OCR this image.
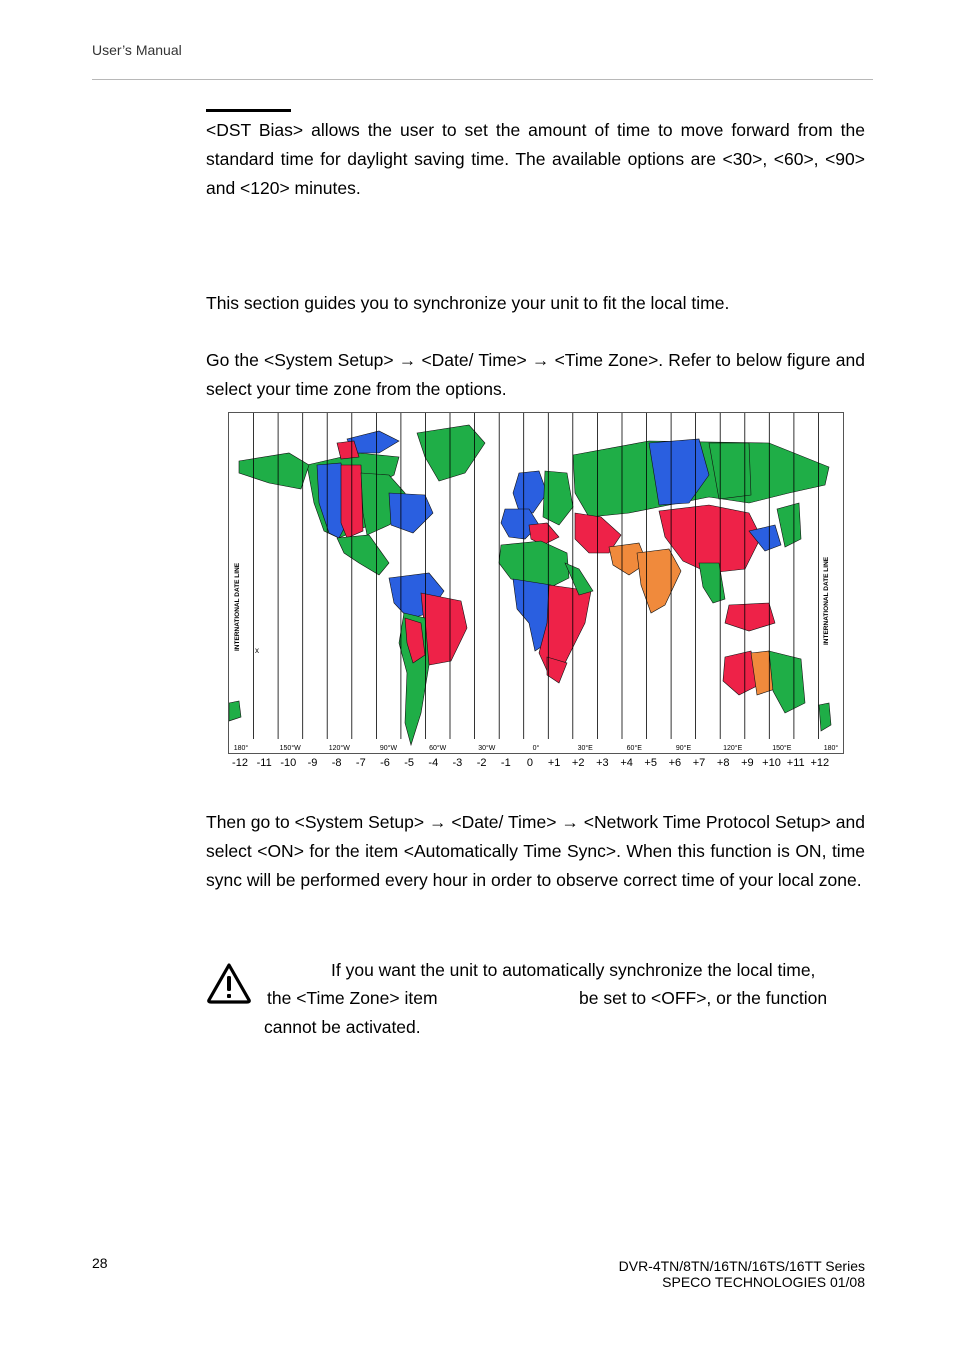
User’s Manual
<DST Bias> allows the user to set the amount of time to move forward from the standard time for daylight saving time. The available options are <30>, <60>, <90> and <120> minutes.
This section guides you to synchronize your unit to fit the local time.
Go the <System Setup> → <Date/ Time> → <Time Zone>. Refer to below figure and select your time zone from the options.
180°	150°W	120°W	90°W	60°W	30°W	0°	30°E	60°E	90°E	120°E	150°E	180°
INTERNATIONAL DATE LINE	INTERNATIONAL DATE LINE
x
-12 -11 -10 -9 -8 -7 -6 -5 -4 -3 -2 -1 0 +1 +2 +3 +4 +5 +6 +7 +8 +9 +10 +11 +12
Then go to <System Setup> → <Date/ Time> → <Network Time Protocol Setup> and select <ON> for the item <Automatically Time Sync>. When this function is ON, time sync will be performed every hour in order to observe correct time of your local zone.
If you want the unit to automatically synchronize the local time,
the <Time Zone> item	be set to <OFF>, or the function
cannot be activated.
28	DVR-4TN/8TN/16TN/16TS/16TT Series
SPECO TECHNOLOGIES 01/08
